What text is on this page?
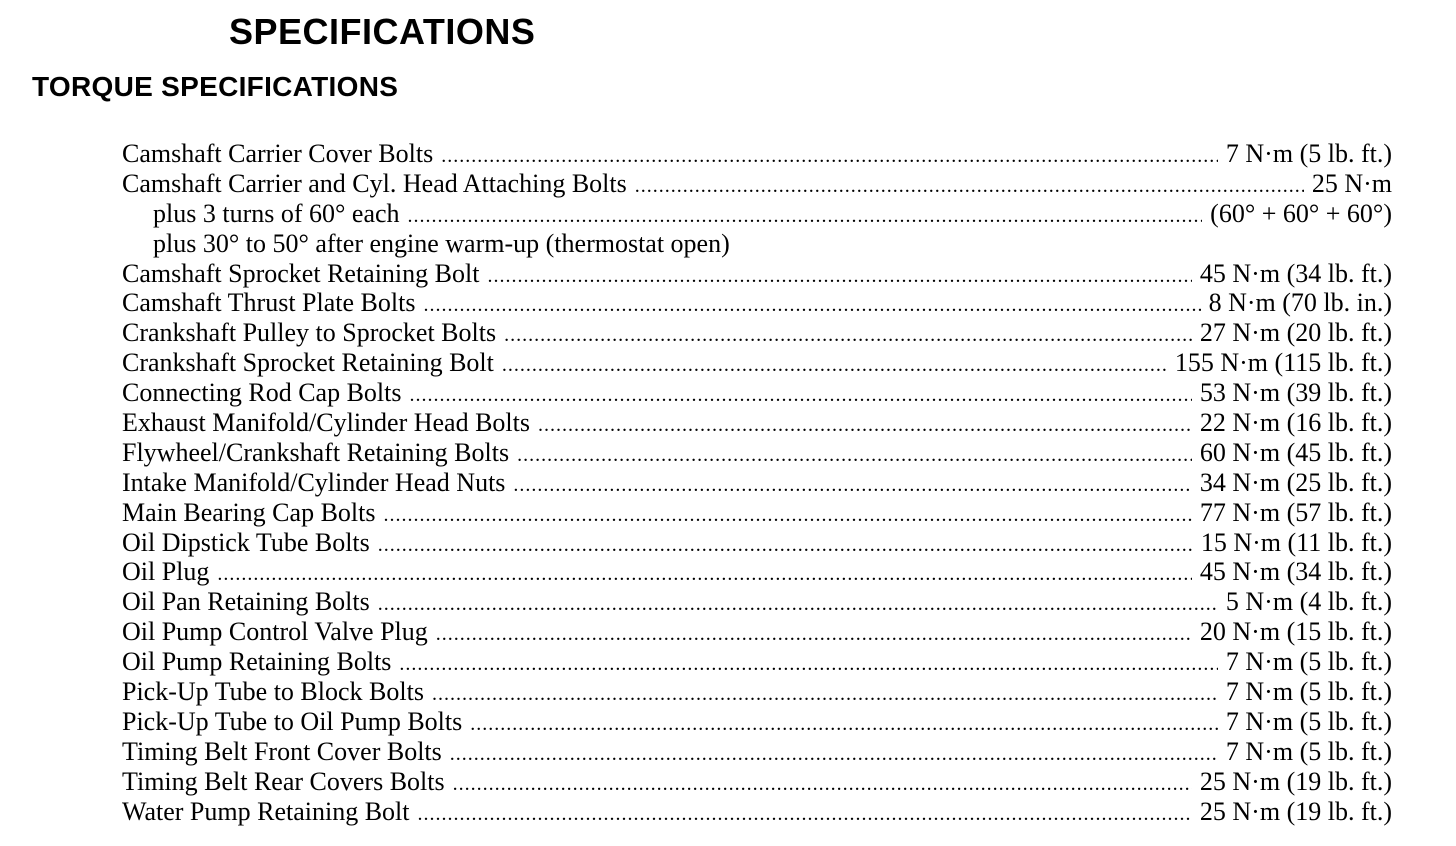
SPECIFICATIONS
TORQUE SPECIFICATIONS
Camshaft Carrier Cover Bolts .....	7 N·m (5 lb. ft.)
Camshaft Carrier and Cyl. Head Attaching Bolts .....	25 N·m
plus 3 turns of 60° each .....	(60° + 60° + 60°)
plus 30° to 50° after engine warm-up (thermostat open)
Camshaft Sprocket Retaining Bolt .....	45 N·m (34 lb. ft.)
Camshaft Thrust Plate Bolts .....	8 N·m (70 lb. in.)
Crankshaft Pulley to Sprocket Bolts .....	27 N·m (20 lb. ft.)
Crankshaft Sprocket Retaining Bolt .....	155 N·m (115 lb. ft.)
Connecting Rod Cap Bolts .....	53 N·m (39 lb. ft.)
Exhaust Manifold/Cylinder Head Bolts .....	22 N·m (16 lb. ft.)
Flywheel/Crankshaft Retaining Bolts .....	60 N·m (45 lb. ft.)
Intake Manifold/Cylinder Head Nuts .....	34 N·m (25 lb. ft.)
Main Bearing Cap Bolts .....	77 N·m (57 lb. ft.)
Oil Dipstick Tube Bolts .....	15 N·m (11 lb. ft.)
Oil Plug .....	45 N·m (34 lb. ft.)
Oil Pan Retaining Bolts .....	5 N·m (4 lb. ft.)
Oil Pump Control Valve Plug .....	20 N·m (15 lb. ft.)
Oil Pump Retaining Bolts .....	7 N·m (5 lb. ft.)
Pick-Up Tube to Block Bolts .....	7 N·m (5 lb. ft.)
Pick-Up Tube to Oil Pump Bolts .....	7 N·m (5 lb. ft.)
Timing Belt Front Cover Bolts .....	7 N·m (5 lb. ft.)
Timing Belt Rear Covers Bolts .....	25 N·m (19 lb. ft.)
Water Pump Retaining Bolt .....	25 N·m (19 lb. ft.)
